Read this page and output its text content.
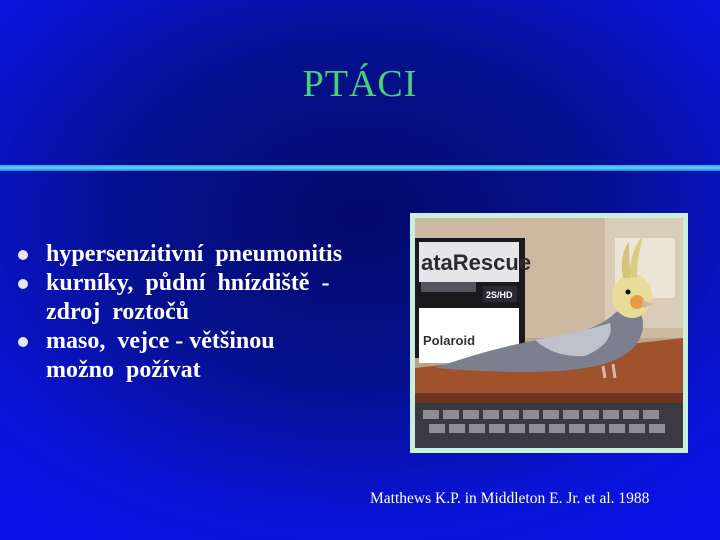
PTÁCI
hypersenzitivní  pneumonitis
kurníky,  půdní  hnízdiště  -
zdroj  roztočů
maso,  vejce - většinou
možno  požívat
ataRescue
2S/HD
Polaroid
Matthews K.P. in Middleton E. Jr. et al. 1988
